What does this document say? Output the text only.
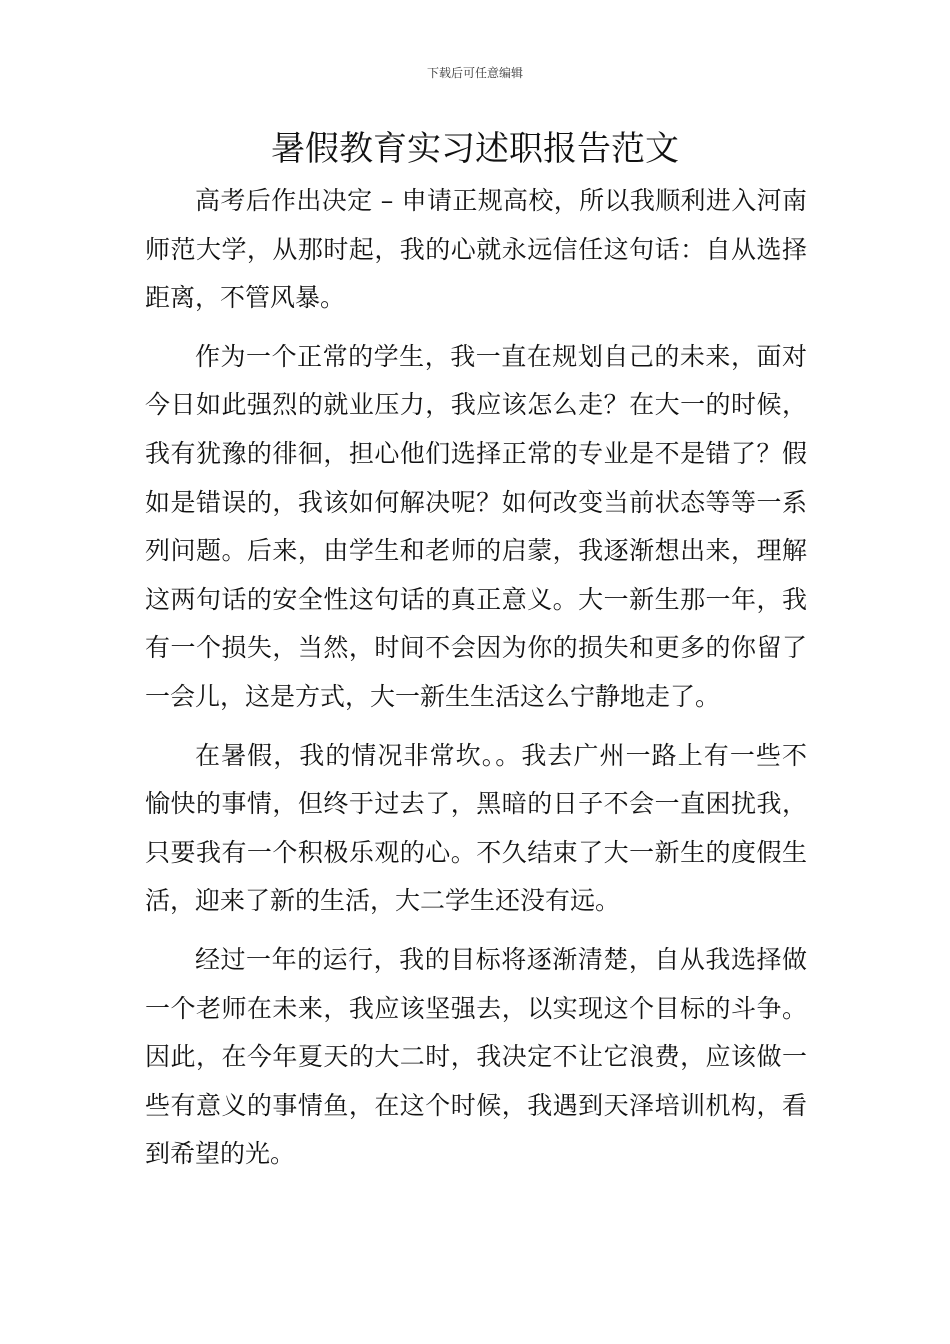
下载后可任意编辑
暑假教育实习述职报告范文

高考后作出决定 – 申请正规高校，所以我顺利进入河南师范大学，从那时起，我的心就永远信任这句话：自从选择距离，不管风暴。

作为一个正常的学生，我一直在规划自己的未来，面对今日如此强烈的就业压力，我应该怎么走？在大一的时候，我有犹豫的徘徊，担心他们选择正常的专业是不是错了？假如是错误的，我该如何解决呢？如何改变当前状态等等一系列问题。后来，由学生和老师的启蒙，我逐渐想出来，理解这两句话的安全性这句话的真正意义。大一新生那一年，我有一个损失，当然，时间不会因为你的损失和更多的你留了一会儿，这是方式，大一新生生活这么宁静地走了。

在暑假，我的情况非常坎。。我去广州一路上有一些不愉快的事情，但终于过去了，黑暗的日子不会一直困扰我，只要我有一个积极乐观的心。不久结束了大一新生的度假生活，迎来了新的生活，大二学生还没有远。

经过一年的运行，我的目标将逐渐清楚，自从我选择做一个老师在未来，我应该坚强去，以实现这个目标的斗争。因此，在今年夏天的大二时，我决定不让它浪费，应该做一些有意义的事情鱼，在这个时候，我遇到天泽培训机构，看到希望的光。
